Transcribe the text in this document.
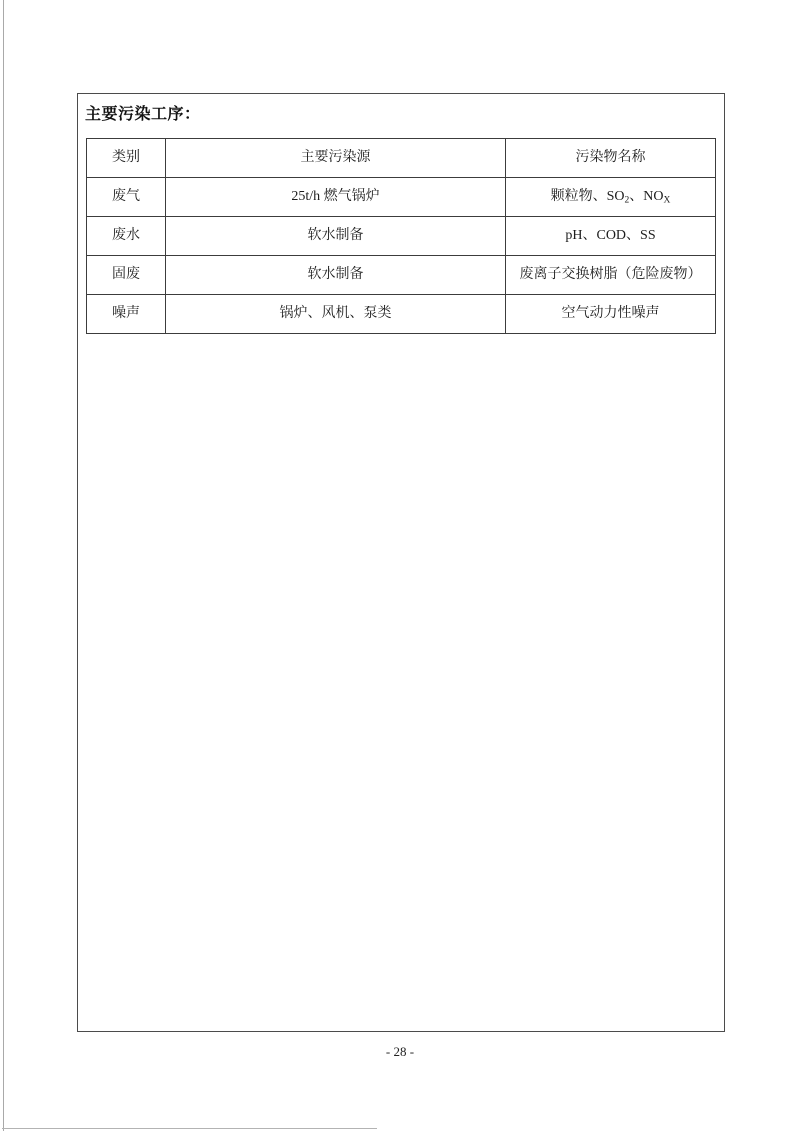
主要污染工序：
类别	主要污染源	污染物名称
废气	25t/h 燃气锅炉	颗粒物、$SO_2$、$NO_X$
废水	软水制备	pH、COD、SS
固废	软水制备	废离子交换树脂（危险废物）
噪声	锅炉、风机、泵类	空气动力性噪声
- 28 -
